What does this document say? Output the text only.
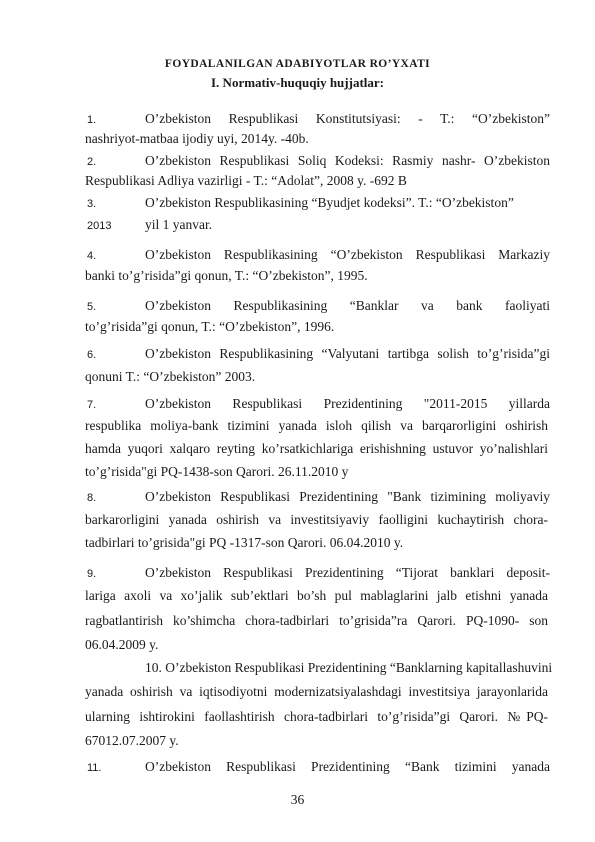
FOYDALANILGAN ADABIYOTLAR RO’YXATI
I. Normativ-huquqiy hujjatlar:
1.	O’zbekiston Respublikasi Konstitutsiyasi: - T.: “O’zbekiston”
nashriyot-matbaa ijodiy uyi, 2014y. -40b.
2.	O’zbekiston Respublikasi Soliq Kodeksi: Rasmiy nashr- O’zbekiston
Respublikasi Adliya vazirligi - T.: “Adolat”, 2008 y. -692 B
3.	O’zbekiston Respublikasining “Byudjet kodeksi”. T.: “O’zbekiston”
2013 yil 1 yanvar.
4.	O’zbekiston Respublikasining “O’zbekiston Respublikasi Markaziy
banki to’g’risida”gi qonun, T.: “O’zbekiston”, 1995.
5.	O’zbekiston Respublikasining “Banklar va bank faoliyati
to’g’risida”gi qonun, T.: “O’zbekiston”, 1996.
6.	O’zbekiston Respublikasining “Valyutani tartibga solish to’g’risida”gi
qonuni T.: “O’zbekiston” 2003.
7.	O’zbekiston Respublikasi Prezidentining "2011-2015 yillarda
respublika moliya-bank tizimini yanada isloh qilish va barqarorligini oshirish
hamda yuqori xalqaro reyting ko’rsatkichlariga erishishning ustuvor yo’nalishlari
to’g’risida"gi PQ-1438-son Qarori. 26.11.2010 y
8.	O’zbekiston Respublikasi Prezidentining "Bank tizimining moliyaviy
barkarorligini yanada oshirish va investitsiyaviy faolligini kuchaytirish chora-
tadbirlari to’grisida"gi PQ -1317-son Qarori. 06.04.2010 y.
9.	O’zbekiston Respublikasi Prezidentining “Tijorat banklari deposit-
lariga axoli va xo’jalik sub’ektlari bo’sh pul mablaglarini jalb etishni yanada
ragbatlantirish ko’shimcha chora-tadbirlari to’grisida”ra Qarori. PQ-1090- son
06.04.2009 y.
10. O’zbekiston Respublikasi Prezidentining “Banklarning kapitallashuvini
yanada oshirish va iqtisodiyotni modernizatsiyalashdagi investitsiya jarayonlarida
ularning ishtirokini faollashtirish chora-tadbirlari to’g’risida”gi Qarori. №PQ-
67012.07.2007 y.
11.	O’zbekiston Respublikasi Prezidentining “Bank tizimini yanada
36
